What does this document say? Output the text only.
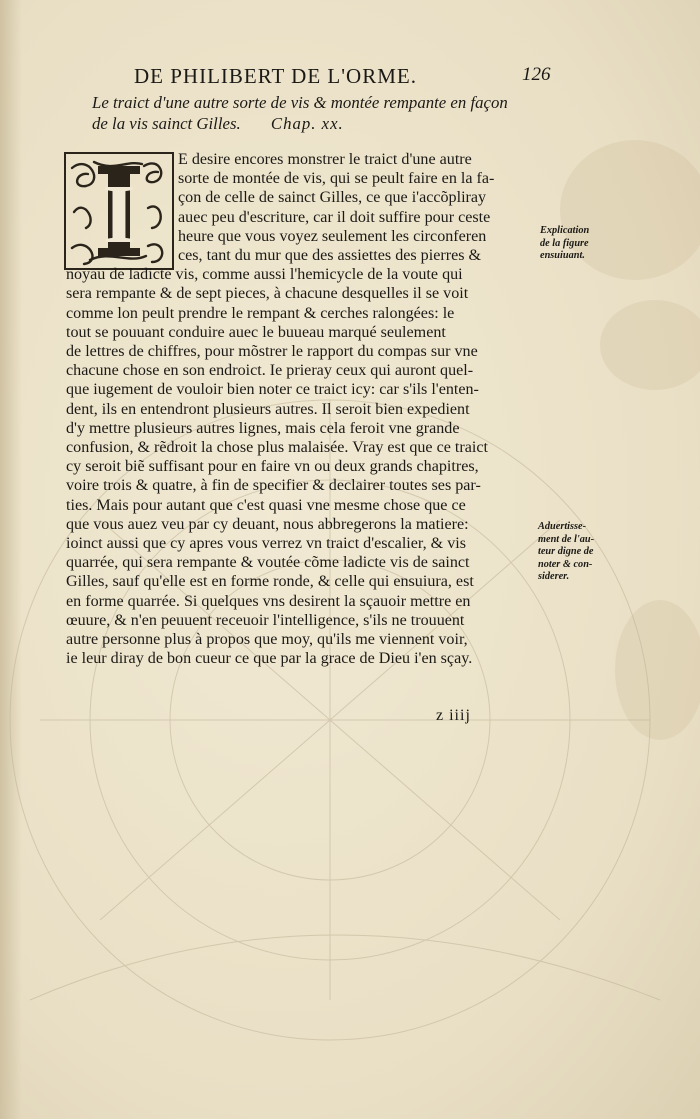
DE PHILIBERT DE L'ORME.	126
Le traict d'une autre sorte de vis & montée rempante en façon
de la vis sainct Gilles. Chap. xx.
I
E desire encores monstrer le traict d'une autre
sorte de montée de vis, qui se peult faire en la fa-
çon de celle de sainct Gilles, ce que i'accõpliray
auec peu d'escriture, car il doit suffire pour ceste
heure que vous voyez seulement les circonferen
ces, tant du mur que des assiettes des pierres &
noyau de ladicte vis, comme aussi l'hemicycle de la voute qui
sera rempante & de sept pieces, à chacune desquelles il se voit
comme lon peult prendre le rempant & cerches ralongées: le
tout se pouuant conduire auec le buueau marqué seulement
de lettres de chiffres, pour mõstrer le rapport du compas sur vne
chacune chose en son endroict. Ie prieray ceux qui auront quel-
que iugement de vouloir bien noter ce traict icy: car s'ils l'enten-
dent, ils en entendront plusieurs autres. Il seroit bien expedient
d'y mettre plusieurs autres lignes, mais cela feroit vne grande
confusion, & rẽdroit la chose plus malaisée. Vray est que ce traict
cy seroit biẽ suffisant pour en faire vn ou deux grands chapitres,
voire trois & quatre, à fin de specifier & declairer toutes ses par-
ties. Mais pour autant que c'est quasi vne mesme chose que ce
que vous auez veu par cy deuant, nous abbregerons la matiere:
ioinct aussi que cy apres vous verrez vn traict d'escalier, & vis
quarrée, qui sera rempante & voutée cõme ladicte vis de sainct
Gilles, sauf qu'elle est en forme ronde, & celle qui ensuiura, est
en forme quarrée. Si quelques vns desirent la sçauoir mettre en
œuure, & n'en peuuent receuoir l'intelligence, s'ils ne trouuent
autre personne plus à propos que moy, qu'ils me viennent voir,
ie leur diray de bon cueur ce que par la grace de Dieu i'en sçay.
z iiij
Explication
de la figure
ensuiuant.
Aduertisse-
ment de l'au-
teur digne de
noter & con-
siderer.
